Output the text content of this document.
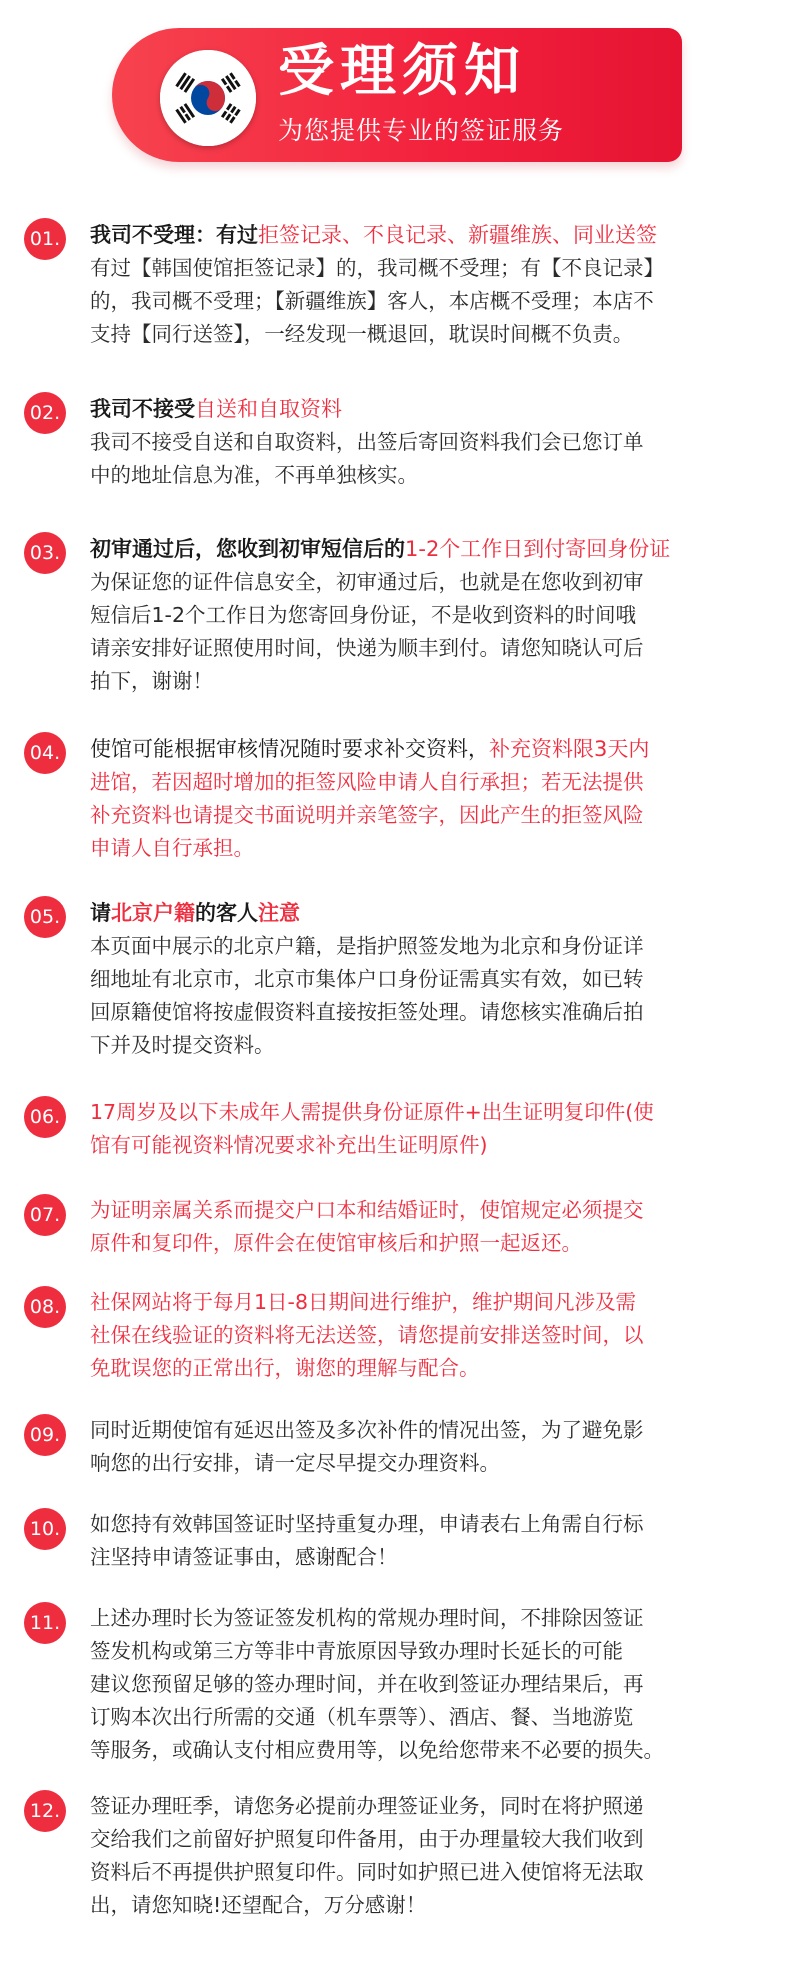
受理须知
为您提供专业的签证服务
01. 我司不受理：有过拒签记录、不良记录、新疆维族、同业送签
有过【韩国使馆拒签记录】的，我司概不受理；有【不良记录】
的，我司概不受理；【新疆维族】客人，本店概不受理；本店不
支持【同行送签】，一经发现一概退回，耽误时间概不负责。
02. 我司不接受自送和自取资料
我司不接受自送和自取资料，出签后寄回资料我们会已您订单
中的地址信息为准，不再单独核实。
03. 初审通过后，您收到初审短信后的1-2个工作日到付寄回身份证
为保证您的证件信息安全，初审通过后，也就是在您收到初审
短信后1-2个工作日为您寄回身份证，不是收到资料的时间哦
请亲安排好证照使用时间，快递为顺丰到付。请您知晓认可后
拍下，谢谢！
04. 使馆可能根据审核情况随时要求补交资料，补充资料限3天内
进馆，若因超时增加的拒签风险申请人自行承担；若无法提供
补充资料也请提交书面说明并亲笔签字，因此产生的拒签风险
申请人自行承担。
05. 请北京户籍的客人注意
本页面中展示的北京户籍，是指护照签发地为北京和身份证详
细地址有北京市，北京市集体户口身份证需真实有效，如已转
回原籍使馆将按虚假资料直接按拒签处理。请您核实准确后拍
下并及时提交资料。
06. 17周岁及以下未成年人需提供身份证原件+出生证明复印件(使
馆有可能视资料情况要求补充出生证明原件)
07. 为证明亲属关系而提交户口本和结婚证时，使馆规定必须提交
原件和复印件，原件会在使馆审核后和护照一起返还。
08. 社保网站将于每月1日-8日期间进行维护，维护期间凡涉及需
社保在线验证的资料将无法送签，请您提前安排送签时间，以
免耽误您的正常出行，谢您的理解与配合。
09. 同时近期使馆有延迟出签及多次补件的情况出签，为了避免影
响您的出行安排，请一定尽早提交办理资料。
10. 如您持有效韩国签证时坚持重复办理，申请表右上角需自行标
注坚持申请签证事由，感谢配合！
11. 上述办理时长为签证签发机构的常规办理时间，不排除因签证
签发机构或第三方等非中青旅原因导致办理时长延长的可能
建议您预留足够的签办理时间，并在收到签证办理结果后，再
订购本次出行所需的交通（机车票等）、酒店、餐、当地游览
等服务，或确认支付相应费用等，以免给您带来不必要的损失。
12. 签证办理旺季，请您务必提前办理签证业务，同时在将护照递
交给我们之前留好护照复印件备用，由于办理量较大我们收到
资料后不再提供护照复印件。同时如护照已进入使馆将无法取
出，请您知晓!还望配合，万分感谢！
